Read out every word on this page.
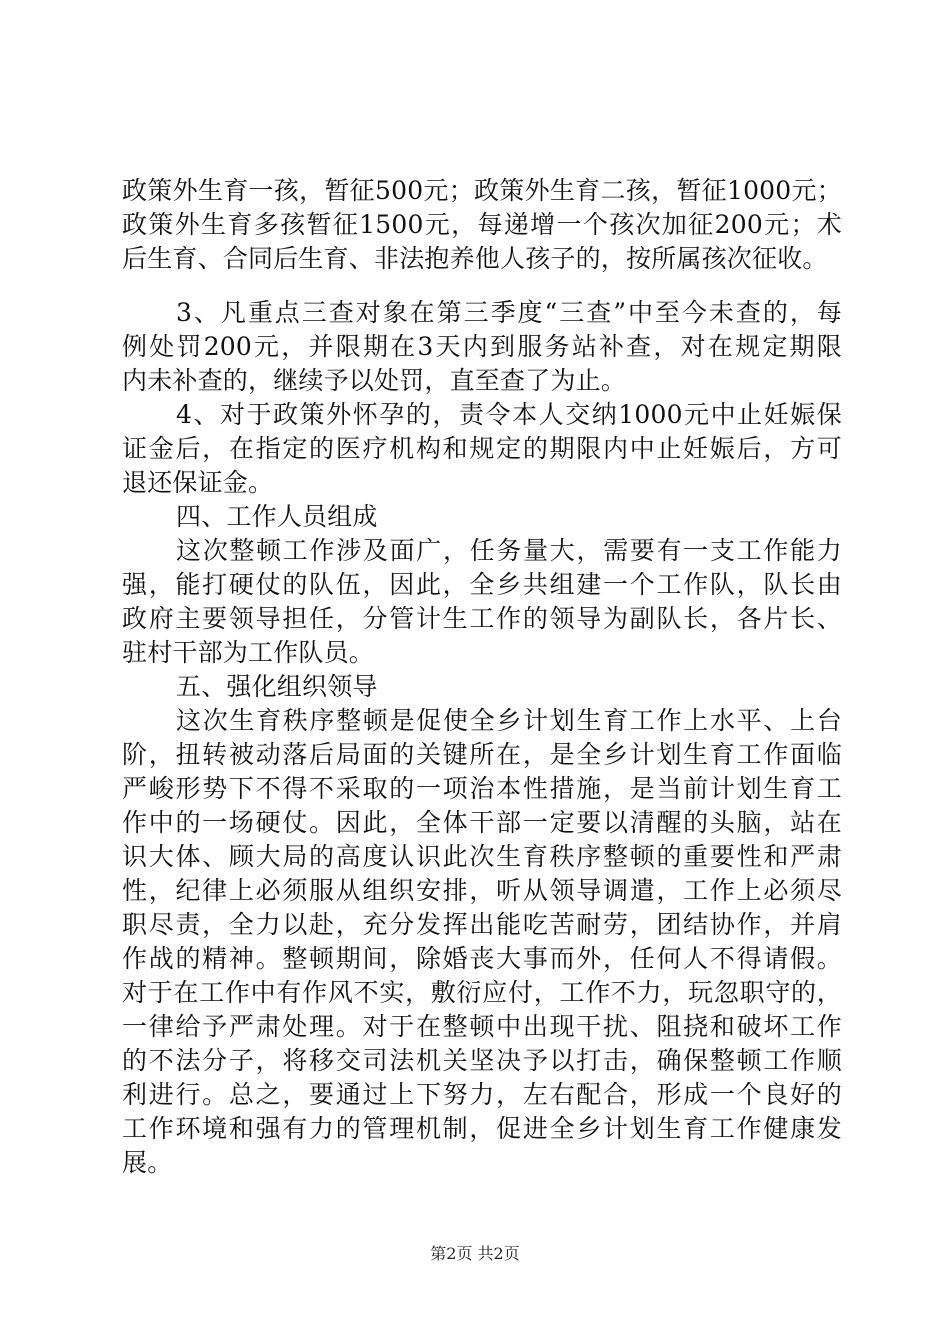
政策外生育一孩，暂征500元；政策外生育二孩，暂征1000元；
政策外生育多孩暂征1500元，每递增一个孩次加征200元；术
后生育、合同后生育、非法抱养他人孩子的，按所属孩次征收。
3、凡重点三查对象在第三季度“三查”中至今未查的，每
例处罚200元，并限期在3天内到服务站补查，对在规定期限
内未补查的，继续予以处罚，直至查了为止。
4、对于政策外怀孕的，责令本人交纳1000元中止妊娠保
证金后，在指定的医疗机构和规定的期限内中止妊娠后，方可
退还保证金。
四、工作人员组成
这次整顿工作涉及面广，任务量大，需要有一支工作能力
强，能打硬仗的队伍，因此，全乡共组建一个工作队，队长由
政府主要领导担任，分管计生工作的领导为副队长，各片长、
驻村干部为工作队员。
五、强化组织领导
这次生育秩序整顿是促使全乡计划生育工作上水平、上台
阶，扭转被动落后局面的关键所在，是全乡计划生育工作面临
严峻形势下不得不采取的一项治本性措施，是当前计划生育工
作中的一场硬仗。因此，全体干部一定要以清醒的头脑，站在
识大体、顾大局的高度认识此次生育秩序整顿的重要性和严肃
性，纪律上必须服从组织安排，听从领导调遣，工作上必须尽
职尽责，全力以赴，充分发挥出能吃苦耐劳，团结协作，并肩
作战的精神。整顿期间，除婚丧大事而外，任何人不得请假。
对于在工作中有作风不实，敷衍应付，工作不力，玩忽职守的，
一律给予严肃处理。对于在整顿中出现干扰、阻挠和破坏工作
的不法分子，将移交司法机关坚决予以打击，确保整顿工作顺
利进行。总之，要通过上下努力，左右配合，形成一个良好的
工作环境和强有力的管理机制，促进全乡计划生育工作健康发
展。
第2页 共2页
